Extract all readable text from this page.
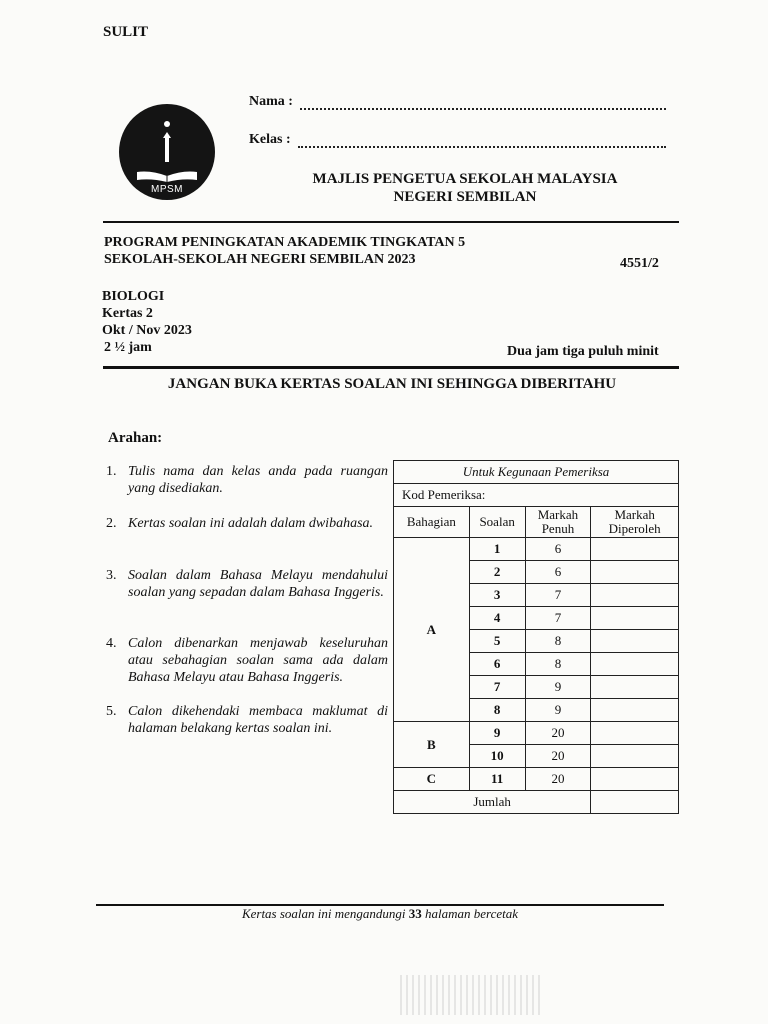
SULIT
MPSM
Nama :
Kelas :
MAJLIS PENGETUA SEKOLAH MALAYSIA
NEGERI SEMBILAN
PROGRAM PENINGKATAN AKADEMIK TINGKATAN 5
SEKOLAH-SEKOLAH NEGERI SEMBILAN 2023	4551/2
BIOLOGI
Kertas 2
Okt / Nov 2023
2 ½ jam	Dua jam tiga puluh minit
JANGAN BUKA KERTAS SOALAN INI SEHINGGA DIBERITAHU
Arahan:
1. Tulis nama dan kelas anda pada ruangan yang disediakan.
2. Kertas soalan ini adalah dalam dwibahasa.
3. Soalan dalam Bahasa Melayu mendahului soalan yang sepadan dalam Bahasa Inggeris.
4. Calon dibenarkan menjawab keseluruhan atau sebahagian soalan sama ada dalam Bahasa Melayu atau Bahasa Inggeris.
5. Calon dikehendaki membaca maklumat di halaman belakang kertas soalan ini.
Untuk Kegunaan Pemeriksa			
Kod Pemeriksa:			
Bahagian	Soalan	Markah Penuh	Markah Diperoleh
A	1	6	
	2	6	
	3	7	
	4	7	
	5	8	
	6	8	
	7	9	
	8	9	
B	9	20	
	10	20	
C	11	20	
Jumlah			
Kertas soalan ini mengandungi 33 halaman bercetak
